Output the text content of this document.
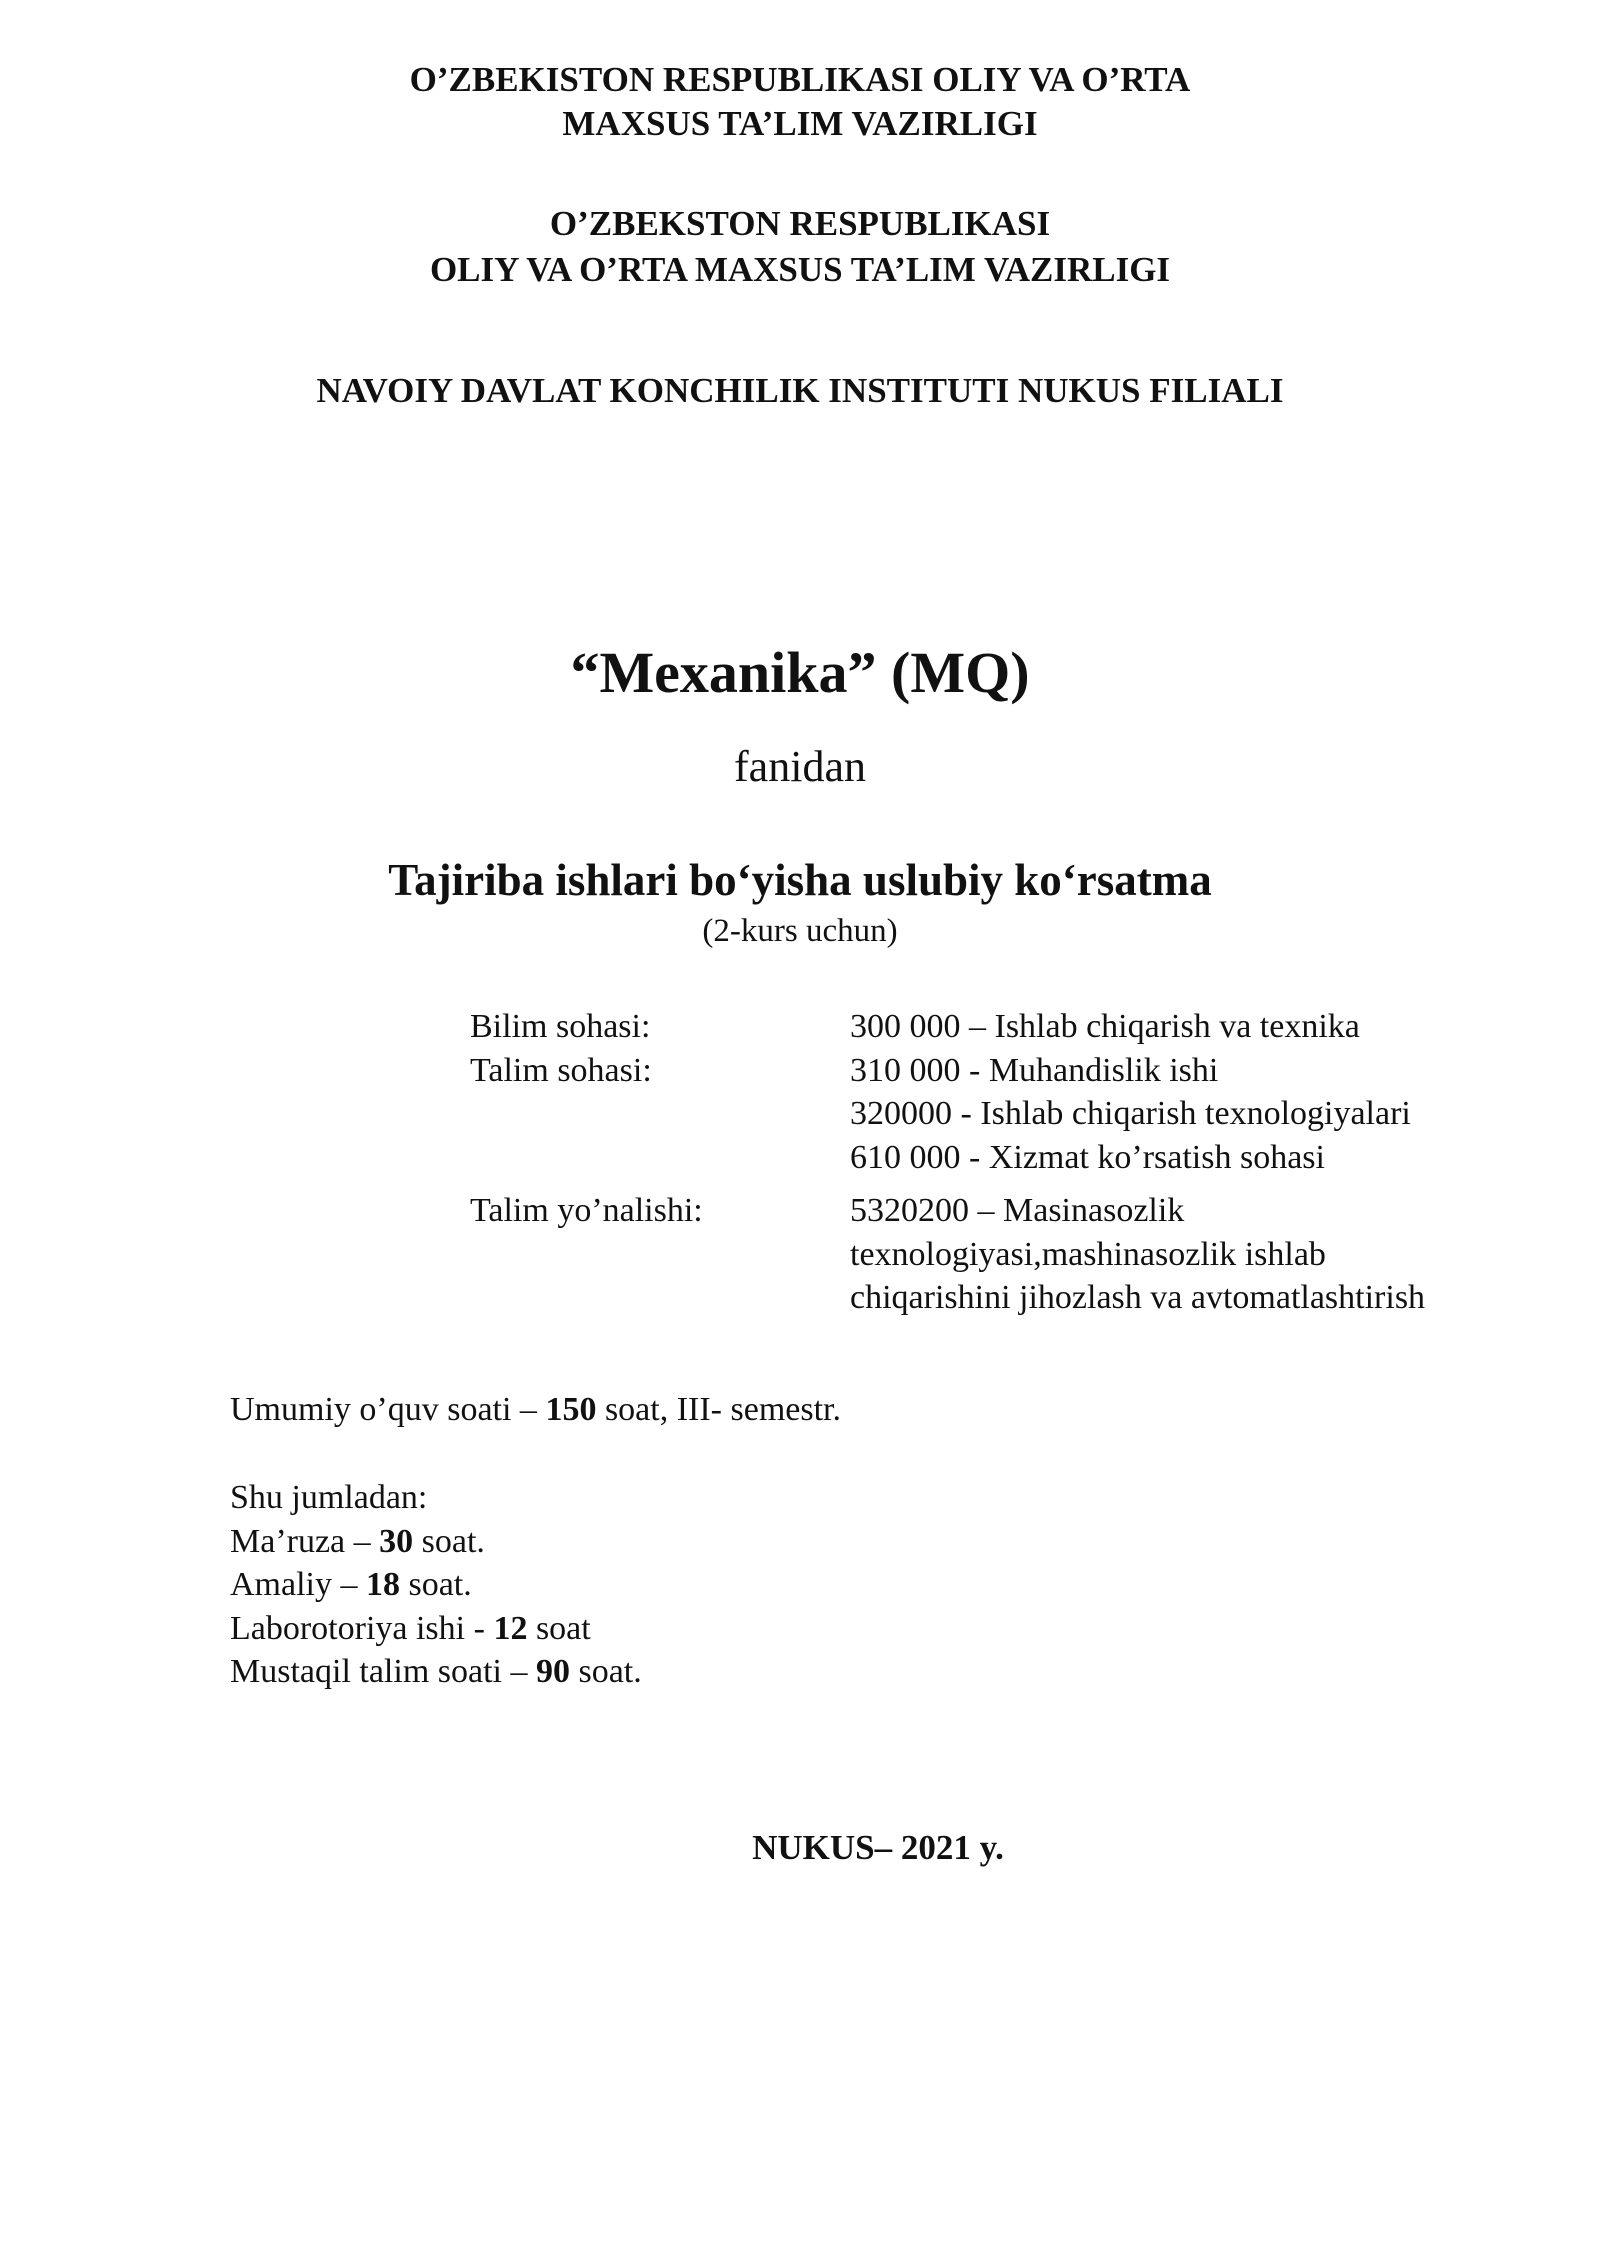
O’ZBEKISTON RESPUBLIKASI OLIY VA O’RTA
MAXSUS TA’LIM VAZIRLIGI
O’ZBEKSTON RESPUBLIKASI
OLIY VA O’RTA MAXSUS TA’LIM VAZIRLIGI
NAVOIY DAVLAT KONCHILIK INSTITUTI NUKUS FILIALI
“Mexanika” (MQ)
fanidan
Tajiriba ishlari bo‘yisha uslubiy ko‘rsatma
(2-kurs uchun)
Bilim sohasi:	300 000 – Ishlab chiqarish va texnika
Talim sohasi:	310 000 - Muhandislik ishi
320000 - Ishlab chiqarish texnologiyalari
610 000 - Xizmat ko’rsatish sohasi
Talim yo’nalishi:	5320200 – Masinasozlik
texnologiyasi,mashinasozlik ishlab
chiqarishini jihozlash va avtomatlashtirish
Umumiy o’quv soati – 150 soat, III- semestr.
Shu jumladan:
Ma’ruza – 30 soat.
Amaliy – 18 soat.
Laborotoriya ishi - 12 soat
Mustaqil talim soati – 90 soat.
NUKUS– 2021 y.
